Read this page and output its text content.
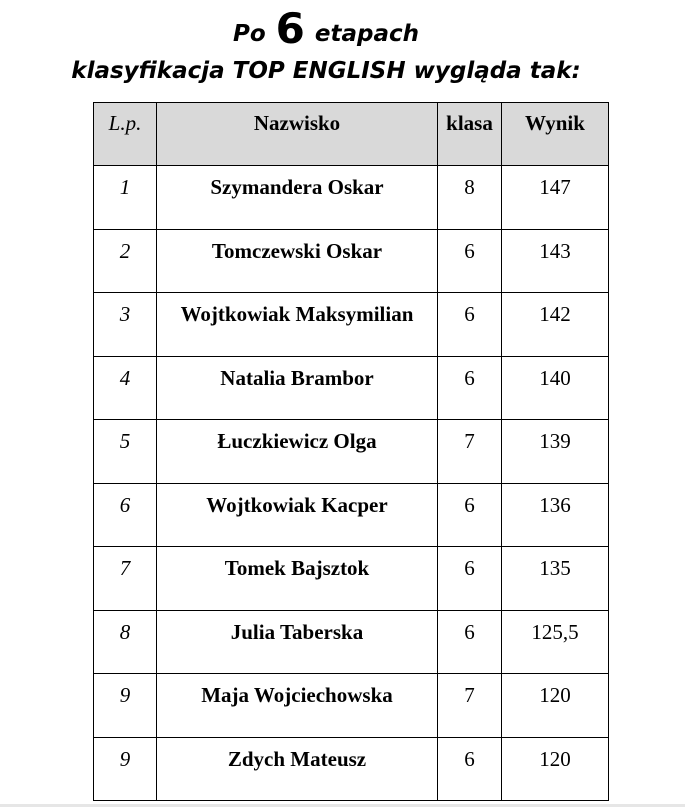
Po 6 etapach
klasyfikacja TOP ENGLISH wygląda tak:
L.p.	Nazwisko	klasa	Wynik
1	Szymandera Oskar	8	147
2	Tomczewski Oskar	6	143
3	Wojtkowiak Maksymilian	6	142
4	Natalia Brambor	6	140
5	Łuczkiewicz Olga	7	139
6	Wojtkowiak Kacper	6	136
7	Tomek Bajsztok	6	135
8	Julia Taberska	6	125,5
9	Maja Wojciechowska	7	120
9	Zdych Mateusz	6	120
